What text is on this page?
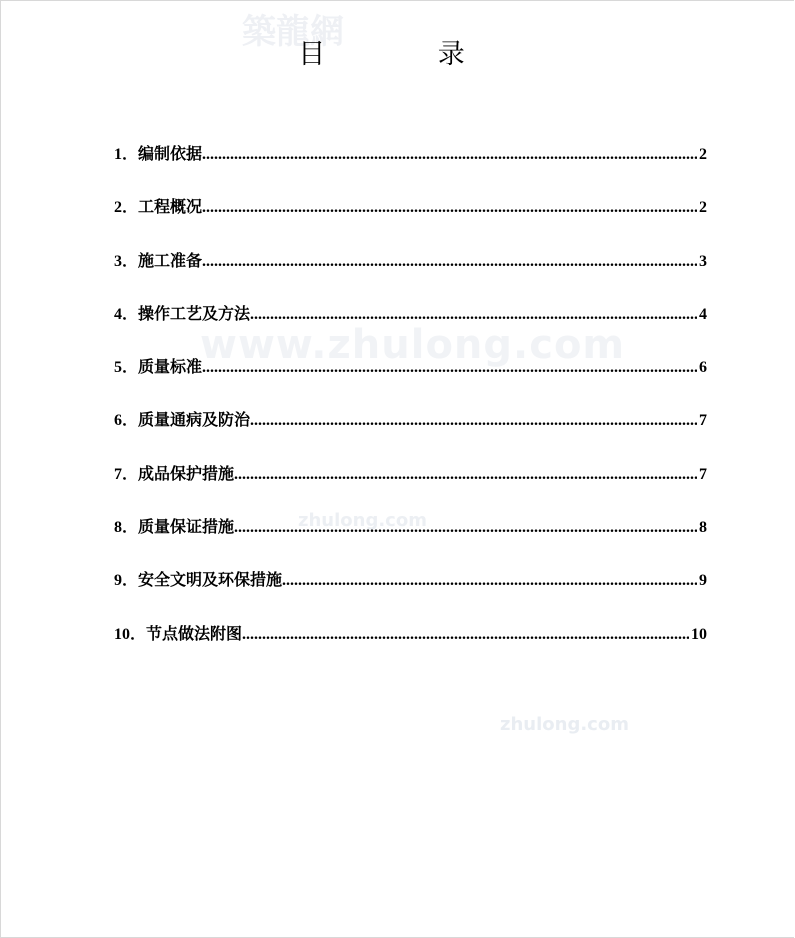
築龍網
www.zhulong.com
zhulong.com
zhulong.com
目 录
1． 编制依据 .....	2
2． 工程概况 .....	2
3． 施工准备 .....	3
4． 操作工艺及方法 .....	4
5． 质量标准 .....	6
6． 质量通病及防治 .....	7
7． 成品保护措施 .....	7
8． 质量保证措施 .....	8
9． 安全文明及环保措施 .....	9
10． 节点做法附图 .....	10
